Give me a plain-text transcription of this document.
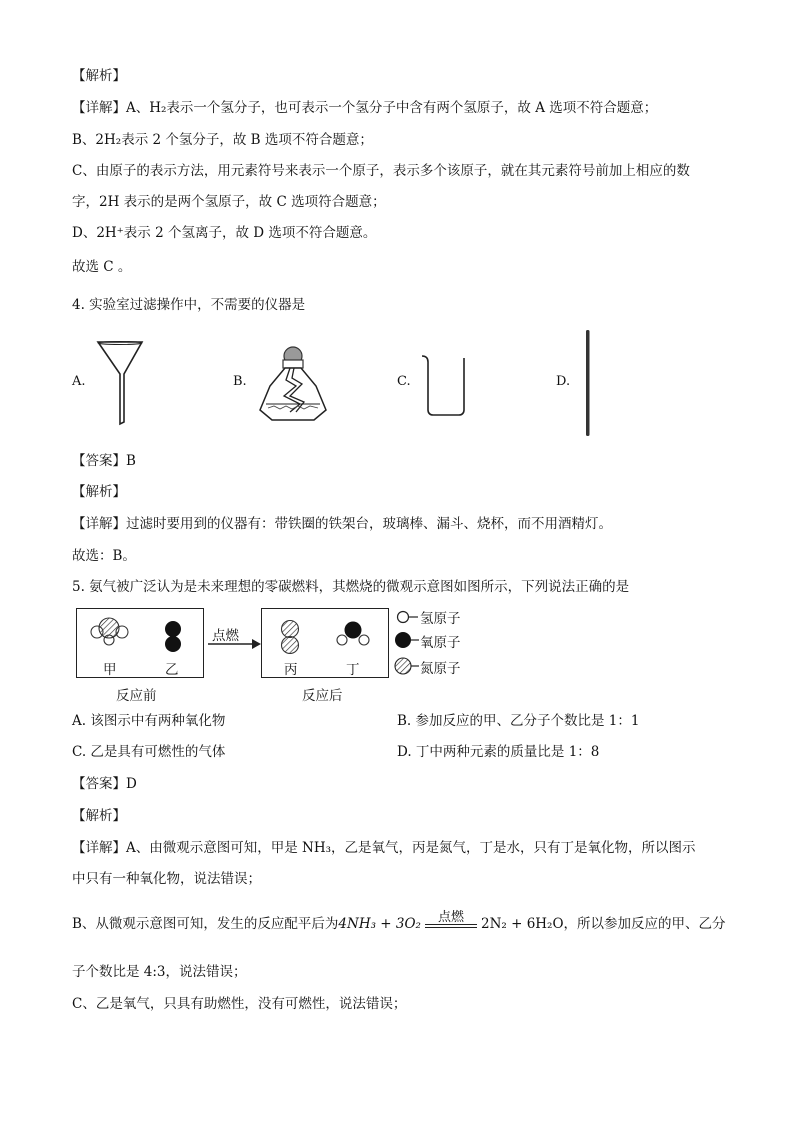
【解析】
【详解】A、H₂表示一个氢分子，也可表示一个氢分子中含有两个氢原子，故 A 选项不符合题意；
B、2H₂表示 2 个氢分子，故 B 选项不符合题意；
C、由原子的表示方法，用元素符号来表示一个原子，表示多个该原子，就在其元素符号前加上相应的数
字，2H 表示的是两个氢原子，故 C 选项符合题意；
D、2H⁺表示 2 个氢离子，故 D 选项不符合题意。
故选 C 。
4. 实验室过滤操作中，不需要的仪器是
A.	B.	C.	D.
【答案】B
【解析】
【详解】过滤时要用到的仪器有：带铁圈的铁架台，玻璃棒、漏斗、烧杯，而不用酒精灯。
故选：B。
5. 氨气被广泛认为是未来理想的零碳燃料，其燃烧的微观示意图如图所示，下列说法正确的是
甲	乙
点燃
丙	丁
反应前	反应后
氢原子
氧原子
氮原子
A. 该图示中有两种氧化物	B. 参加反应的甲、乙分子个数比是 1：1
C. 乙是具有可燃性的气体	D. 丁中两种元素的质量比是 1：8
【答案】D
【解析】
【详解】A、由微观示意图可知，甲是 NH₃，乙是氧气，丙是氮气，丁是水，只有丁是氧化物，所以图示
中只有一种氧化物，说法错误；
B、从微观示意图可知，发生的反应配平后为4NH₃ + 3O₂	点燃	2N₂ + 6H₂O，所以参加反应的甲、乙分
子个数比是 4:3，说法错误；
C、乙是氧气，只具有助燃性，没有可燃性，说法错误；
